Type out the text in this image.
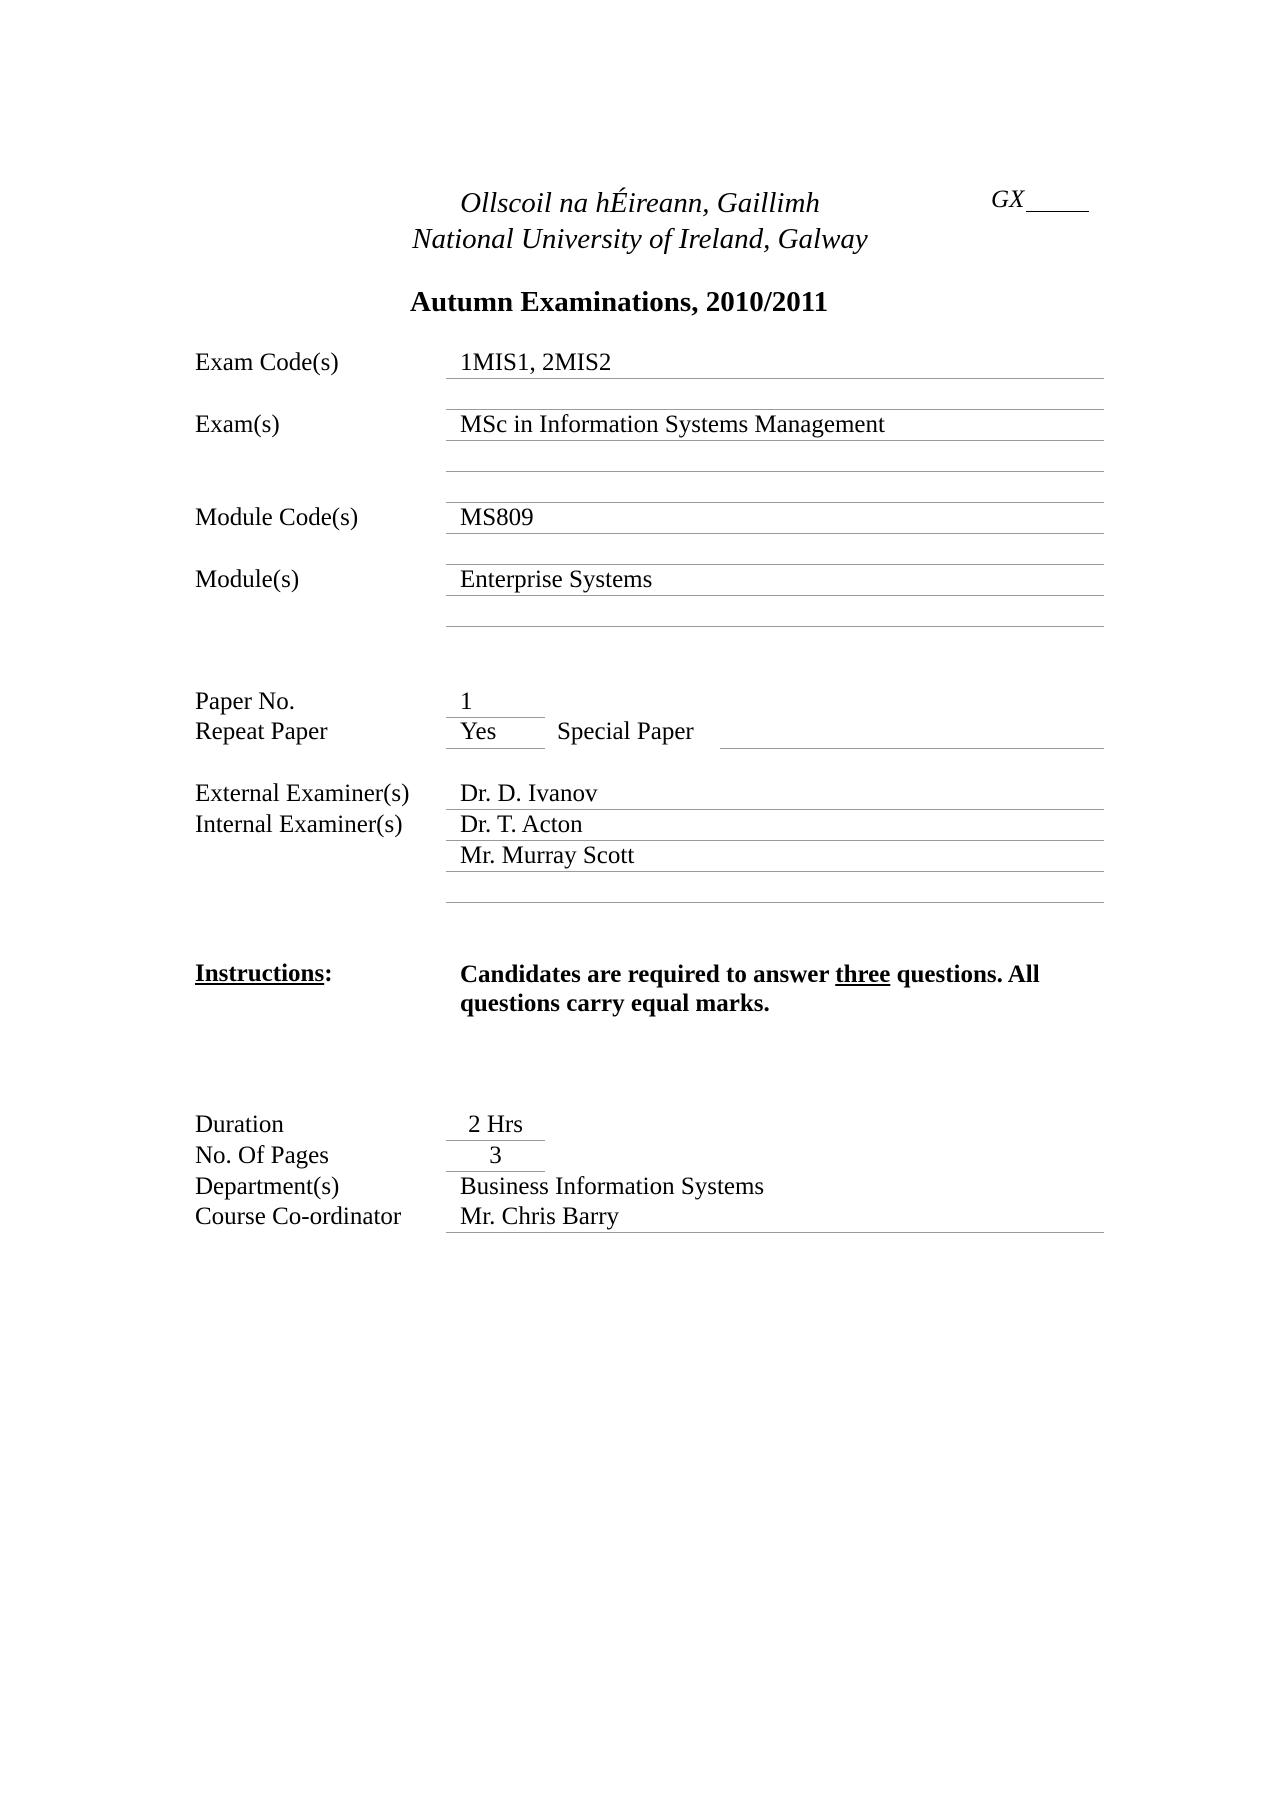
Ollscoil na hÉireann, Gaillimh
National University of Ireland, Galway
GX
Autumn Examinations, 2010/2011
Exam Code(s)	1MIS1, 2MIS2
Exam(s)	MSc in Information Systems Management
Module Code(s)	MS809
Module(s)	Enterprise Systems
Paper No.	1
Repeat Paper	Yes Special Paper
External Examiner(s) Dr. D. Ivanov
Internal Examiner(s) Dr. T. Acton
Mr. Murray Scott
Instructions:	Candidates are required to answer three questions. All questions carry equal marks.
Duration	2 Hrs
No. Of Pages	3
Department(s)	Business Information Systems
Course Co-ordinator Mr. Chris Barry
